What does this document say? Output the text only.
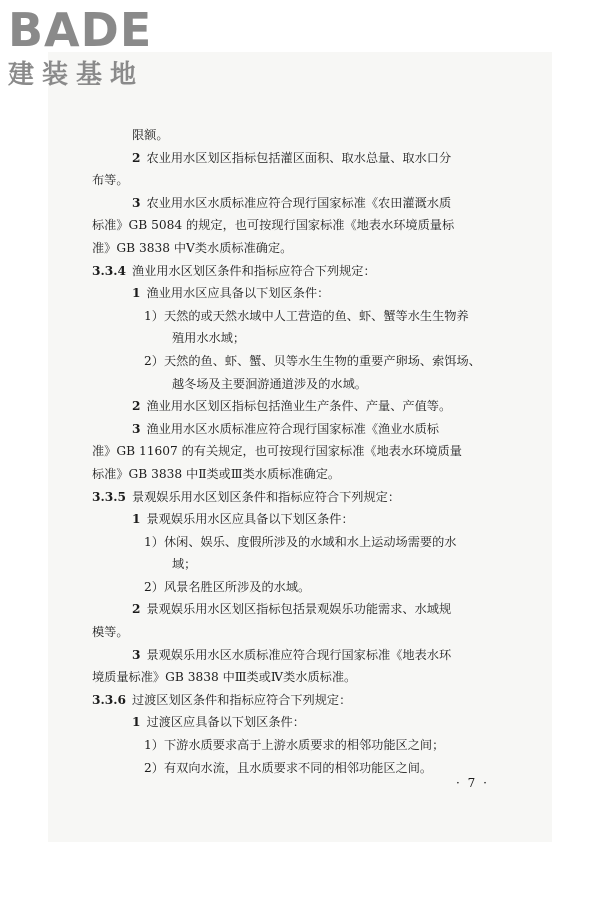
BADE
建装基地

限额。

2 农业用水区划区指标包括灌区面积、取水总量、取水口分

布等。

3 农业用水区水质标准应符合现行国家标准《农田灌溉水质

标准》GB 5084 的规定，也可按现行国家标准《地表水环境质量标

准》GB 3838 中Ⅴ类水质标准确定。

3.3.4 渔业用水区划区条件和指标应符合下列规定：

1 渔业用水区应具备以下划区条件：

1）天然的或天然水域中人工营造的鱼、虾、蟹等水生生物养

殖用水水域；

2）天然的鱼、虾、蟹、贝等水生生物的重要产卵场、索饵场、

越冬场及主要洄游通道涉及的水域。

2 渔业用水区划区指标包括渔业生产条件、产量、产值等。

3 渔业用水区水质标准应符合现行国家标准《渔业水质标

准》GB 11607 的有关规定，也可按现行国家标准《地表水环境质量

标准》GB 3838 中Ⅱ类或Ⅲ类水质标准确定。

3.3.5 景观娱乐用水区划区条件和指标应符合下列规定：

1 景观娱乐用水区应具备以下划区条件：

1）休闲、娱乐、度假所涉及的水域和水上运动场需要的水

域；

2）风景名胜区所涉及的水域。

2 景观娱乐用水区划区指标包括景观娱乐功能需求、水域规

模等。

3 景观娱乐用水区水质标准应符合现行国家标准《地表水环

境质量标准》GB 3838 中Ⅲ类或Ⅳ类水质标准。

3.3.6 过渡区划区条件和指标应符合下列规定：

1 过渡区应具备以下划区条件：

1）下游水质要求高于上游水质要求的相邻功能区之间；

2）有双向水流，且水质要求不同的相邻功能区之间。

· 7 ·
